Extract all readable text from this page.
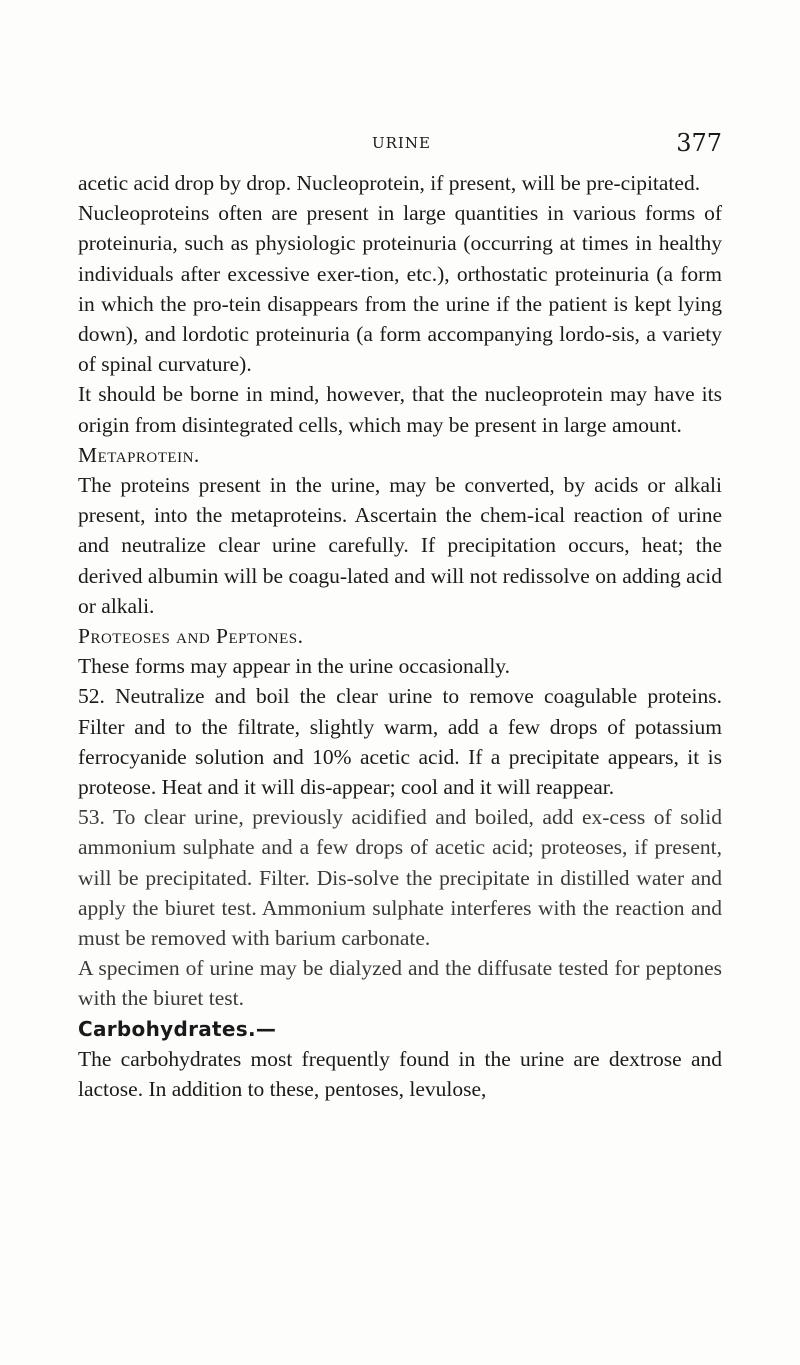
URINE	377

acetic acid drop by drop. Nucleoprotein, if present, will be pre-cipitated.

Nucleoproteins often are present in large quantities in various forms of proteinuria, such as physiologic proteinuria (occurring at times in healthy individuals after excessive exer-tion, etc.), orthostatic proteinuria (a form in which the pro-tein disappears from the urine if the patient is kept lying down), and lordotic proteinuria (a form accompanying lordo-sis, a variety of spinal curvature).

It should be borne in mind, however, that the nucleoprotein may have its origin from disintegrated cells, which may be present in large amount.

Metaprotein.

The proteins present in the urine, may be converted, by acids or alkali present, into the metaproteins. Ascertain the chem-ical reaction of urine and neutralize clear urine carefully. If precipitation occurs, heat; the derived albumin will be coagu-lated and will not redissolve on adding acid or alkali.

Proteoses and Peptones.

These forms may appear in the urine occasionally.

52. Neutralize and boil the clear urine to remove coagulable proteins. Filter and to the filtrate, slightly warm, add a few drops of potassium ferrocyanide solution and 10% acetic acid. If a precipitate appears, it is proteose. Heat and it will dis-appear; cool and it will reappear.

53. To clear urine, previously acidified and boiled, add ex-cess of solid ammonium sulphate and a few drops of acetic acid; proteoses, if present, will be precipitated. Filter. Dis-solve the precipitate in distilled water and apply the biuret test. Ammonium sulphate interferes with the reaction and must be removed with barium carbonate.

A specimen of urine may be dialyzed and the diffusate tested for peptones with the biuret test.

Carbohydrates.—

The carbohydrates most frequently found in the urine are dextrose and lactose. In addition to these, pentoses, levulose,
